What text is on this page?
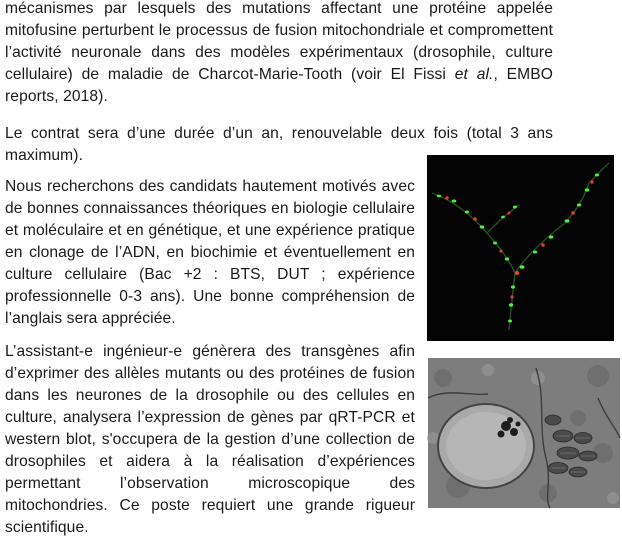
mécanismes par lesquels des mutations affectant une protéine appelée mitofusine perturbent le processus de fusion mitochondriale et compromettent l’activité neuronale dans des modèles expérimentaux (drosophile, culture cellulaire) de maladie de Charcot-Marie-Tooth (voir El Fissi et al., EMBO reports, 2018).

Le contrat sera d’une durée d’un an, renouvelable deux fois (total 3 ans maximum).

Nous recherchons des candidats hautement motivés avec de bonnes connaissances théoriques en biologie cellulaire et moléculaire et en génétique, et une expérience pratique en clonage de l’ADN, en biochimie et éventuellement en culture cellulaire (Bac +2 : BTS, DUT ; expérience professionnelle 0-3 ans). Une bonne compréhension de l’anglais sera appréciée.

L’assistant-e ingénieur-e génèrera des transgènes afin d’exprimer des allèles mutants ou des protéines de fusion dans les neurones de la drosophile ou des cellules en culture, analysera l’expression de gènes par qRT-PCR et western blot, s'occupera de la gestion d’une collection de drosophiles et aidera à la réalisation d’expériences permettant l’observation microscopique des mitochondries. Ce poste requiert une grande rigueur scientifique.
